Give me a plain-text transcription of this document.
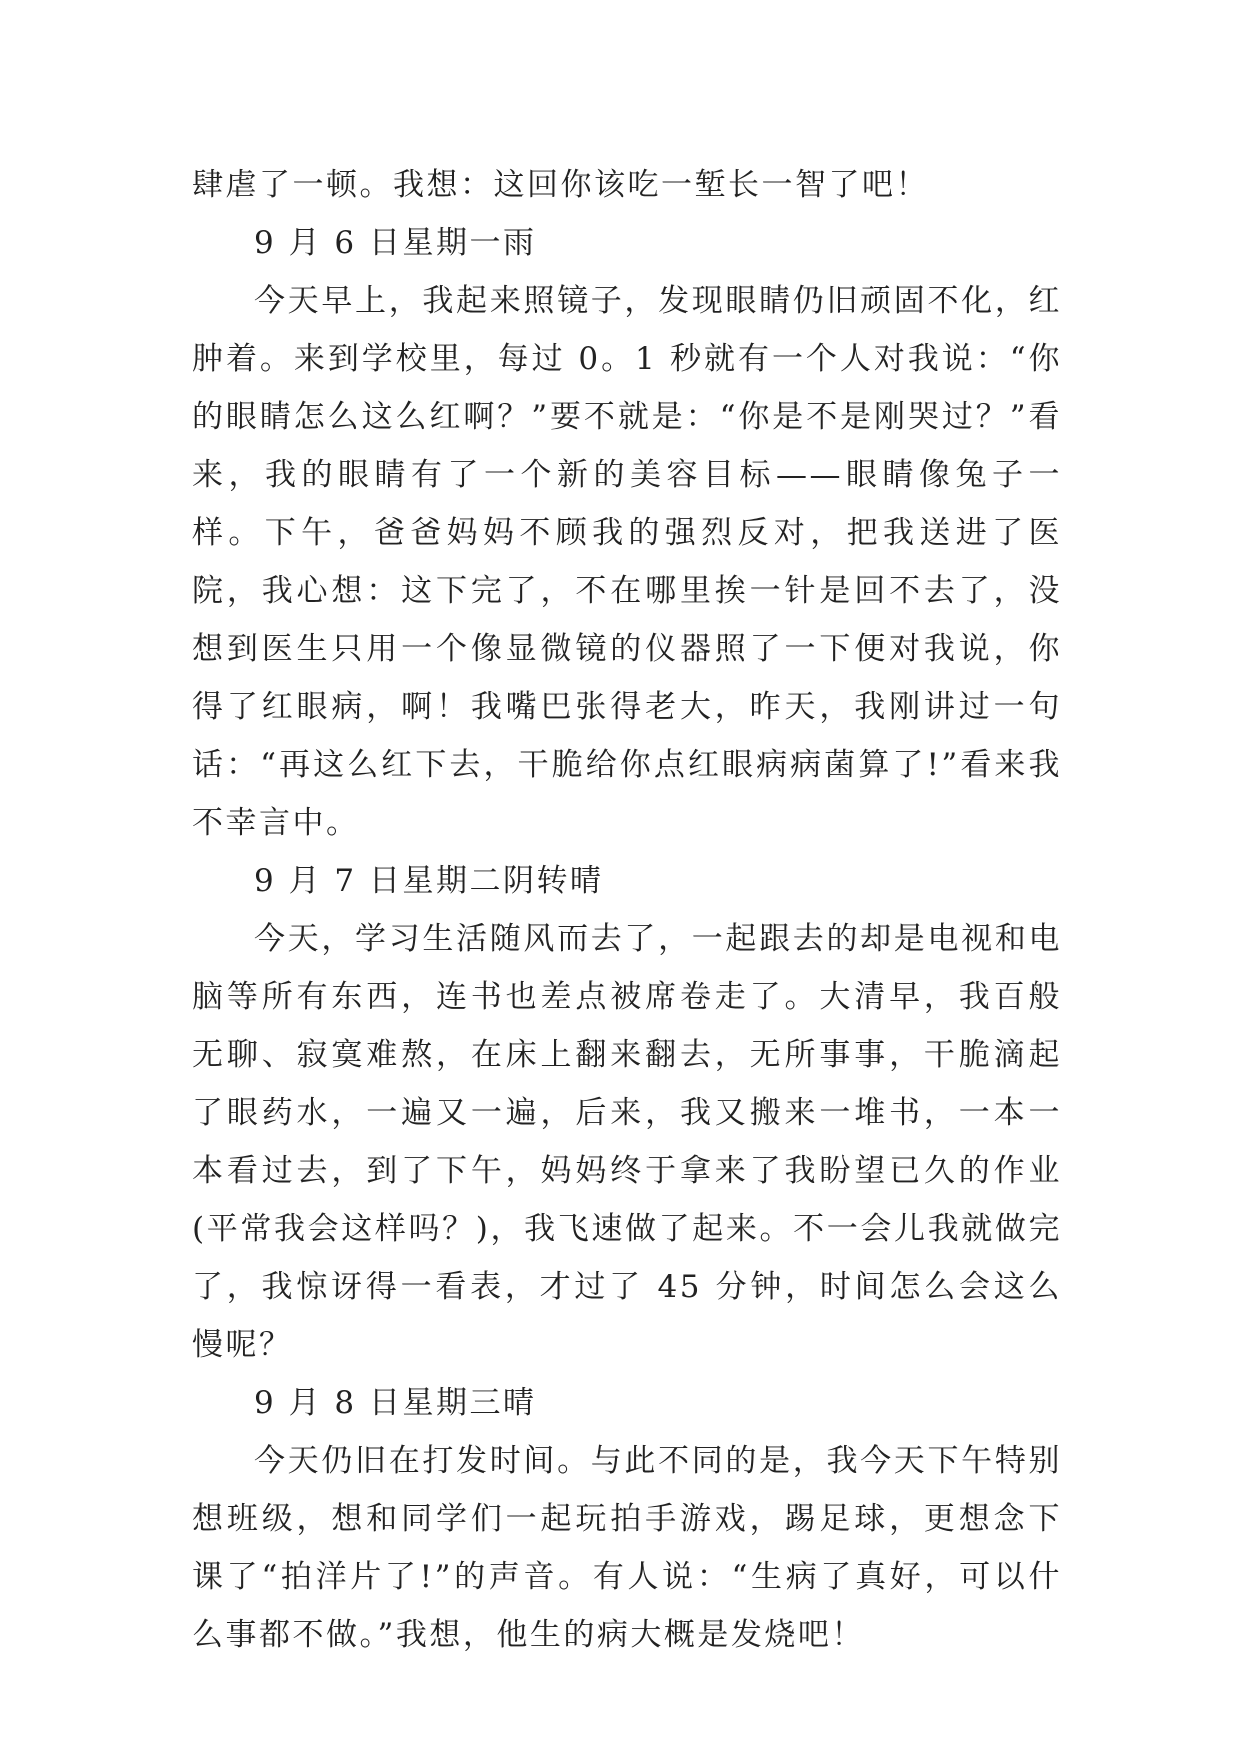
肆虐了一顿。我想：这回你该吃一堑长一智了吧！

9 月 6 日星期一雨

今天早上，我起来照镜子，发现眼睛仍旧顽固不化，红肿着。来到学校里，每过 0。1 秒就有一个人对我说：“你的眼睛怎么这么红啊？”要不就是：“你是不是刚哭过？”看来，我的眼睛有了一个新的美容目标——眼睛像兔子一样。下午，爸爸妈妈不顾我的强烈反对，把我送进了医院，我心想：这下完了，不在哪里挨一针是回不去了，没想到医生只用一个像显微镜的仪器照了一下便对我说，你得了红眼病，啊！我嘴巴张得老大，昨天，我刚讲过一句话：“再这么红下去，干脆给你点红眼病病菌算了!”看来我不幸言中。

9 月 7 日星期二阴转晴

今天，学习生活随风而去了，一起跟去的却是电视和电脑等所有东西，连书也差点被席卷走了。大清早，我百般无聊、寂寞难熬，在床上翻来翻去，无所事事，干脆滴起了眼药水，一遍又一遍，后来，我又搬来一堆书，一本一本看过去，到了下午，妈妈终于拿来了我盼望已久的作业(平常我会这样吗？)，我飞速做了起来。不一会儿我就做完了，我惊讶得一看表，才过了 45 分钟，时间怎么会这么慢呢？

9 月 8 日星期三晴

今天仍旧在打发时间。与此不同的是，我今天下午特别想班级，想和同学们一起玩拍手游戏，踢足球，更想念下课了“拍洋片了!”的声音。有人说：“生病了真好，可以什么事都不做。”我想，他生的病大概是发烧吧！
